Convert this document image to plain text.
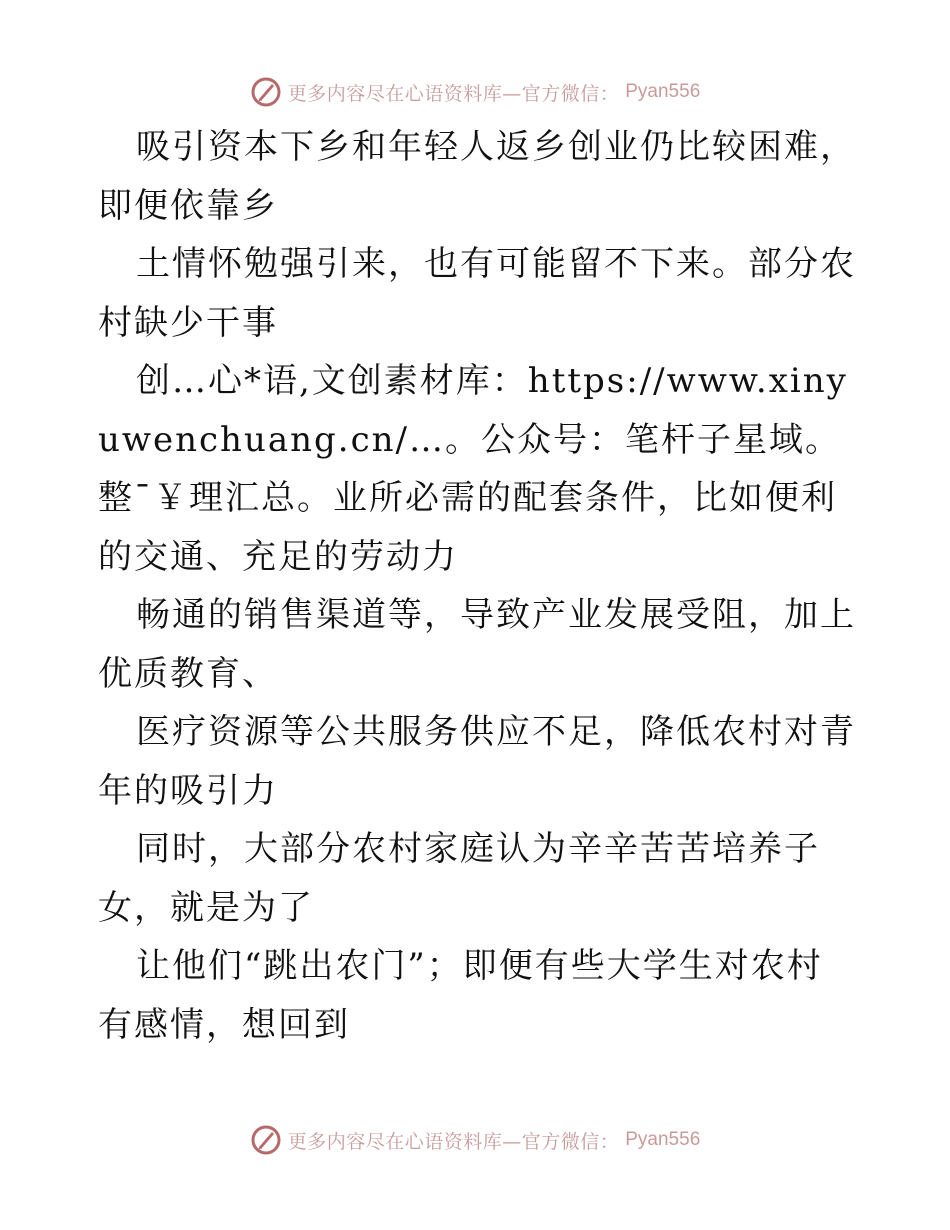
更多内容尽在心语资料库—官方微信： Pyan556

吸引资本下乡和年轻人返乡创业仍比较困难，即便依靠乡

土情怀勉强引来，也有可能留不下来。部分农村缺少干事

创…心*语,文创素材库：https://www.xinyuwenchuang.cn/…。公众号：笔杆子星域。整¯￥理汇总。业所必需的配套条件，比如便利的交通、充足的劳动力

畅通的销售渠道等，导致产业发展受阻，加上优质教育、

医疗资源等公共服务供应不足，降低农村对青年的吸引力

同时，大部分农村家庭认为辛辛苦苦培养子女，就是为了

让他们“跳出农门”；即便有些大学生对农村有感情，想回到

更多内容尽在心语资料库—官方微信： Pyan556
